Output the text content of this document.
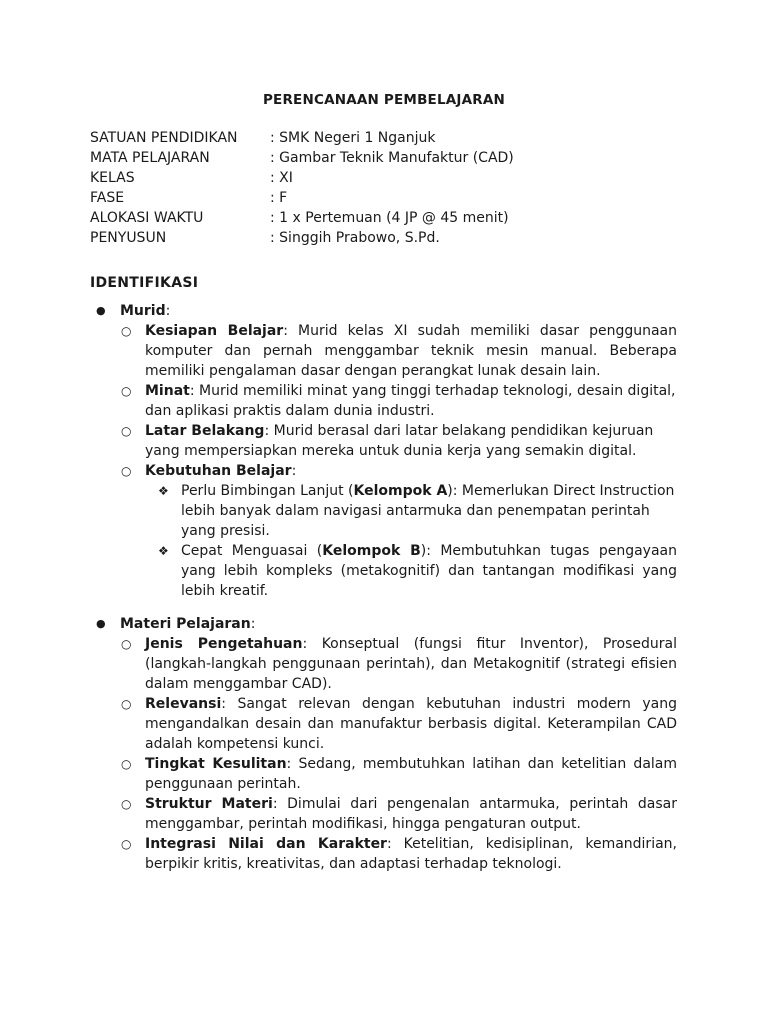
PERENCANAAN PEMBELAJARAN
SATUAN PENDIDIKAN : SMK Negeri 1 Nganjuk
MATA PELAJARAN	: Gambar Teknik Manufaktur (CAD)
KELAS	: XI
FASE	: F
ALOKASI WAKTU	: 1 x Pertemuan (4 JP @ 45 menit)
PENYUSUN	: Singgih Prabowo, S.Pd.
IDENTIFIKASI
● Murid:
○ Kesiapan Belajar: Murid kelas XI sudah memiliki dasar penggunaan komputer dan pernah menggambar teknik mesin manual. Beberapa memiliki pengalaman dasar dengan perangkat lunak desain lain.
○ Minat: Murid memiliki minat yang tinggi terhadap teknologi, desain digital, dan aplikasi praktis dalam dunia industri.
○ Latar Belakang: Murid berasal dari latar belakang pendidikan kejuruan yang mempersiapkan mereka untuk dunia kerja yang semakin digital.
○ Kebutuhan Belajar:
❖ Perlu Bimbingan Lanjut (Kelompok A): Memerlukan Direct Instruction lebih banyak dalam navigasi antarmuka dan penempatan perintah yang presisi.
❖ Cepat Menguasai (Kelompok B): Membutuhkan tugas pengayaan yang lebih kompleks (metakognitif) dan tantangan modifikasi yang lebih kreatif.
● Materi Pelajaran:
○ Jenis Pengetahuan: Konseptual (fungsi fitur Inventor), Prosedural (langkah-langkah penggunaan perintah), dan Metakognitif (strategi efisien dalam menggambar CAD).
○ Relevansi: Sangat relevan dengan kebutuhan industri modern yang mengandalkan desain dan manufaktur berbasis digital. Keterampilan CAD adalah kompetensi kunci.
○ Tingkat Kesulitan: Sedang, membutuhkan latihan dan ketelitian dalam penggunaan perintah.
○ Struktur Materi: Dimulai dari pengenalan antarmuka, perintah dasar menggambar, perintah modifikasi, hingga pengaturan output.
○ Integrasi Nilai dan Karakter: Ketelitian, kedisiplinan, kemandirian, berpikir kritis, kreativitas, dan adaptasi terhadap teknologi.
